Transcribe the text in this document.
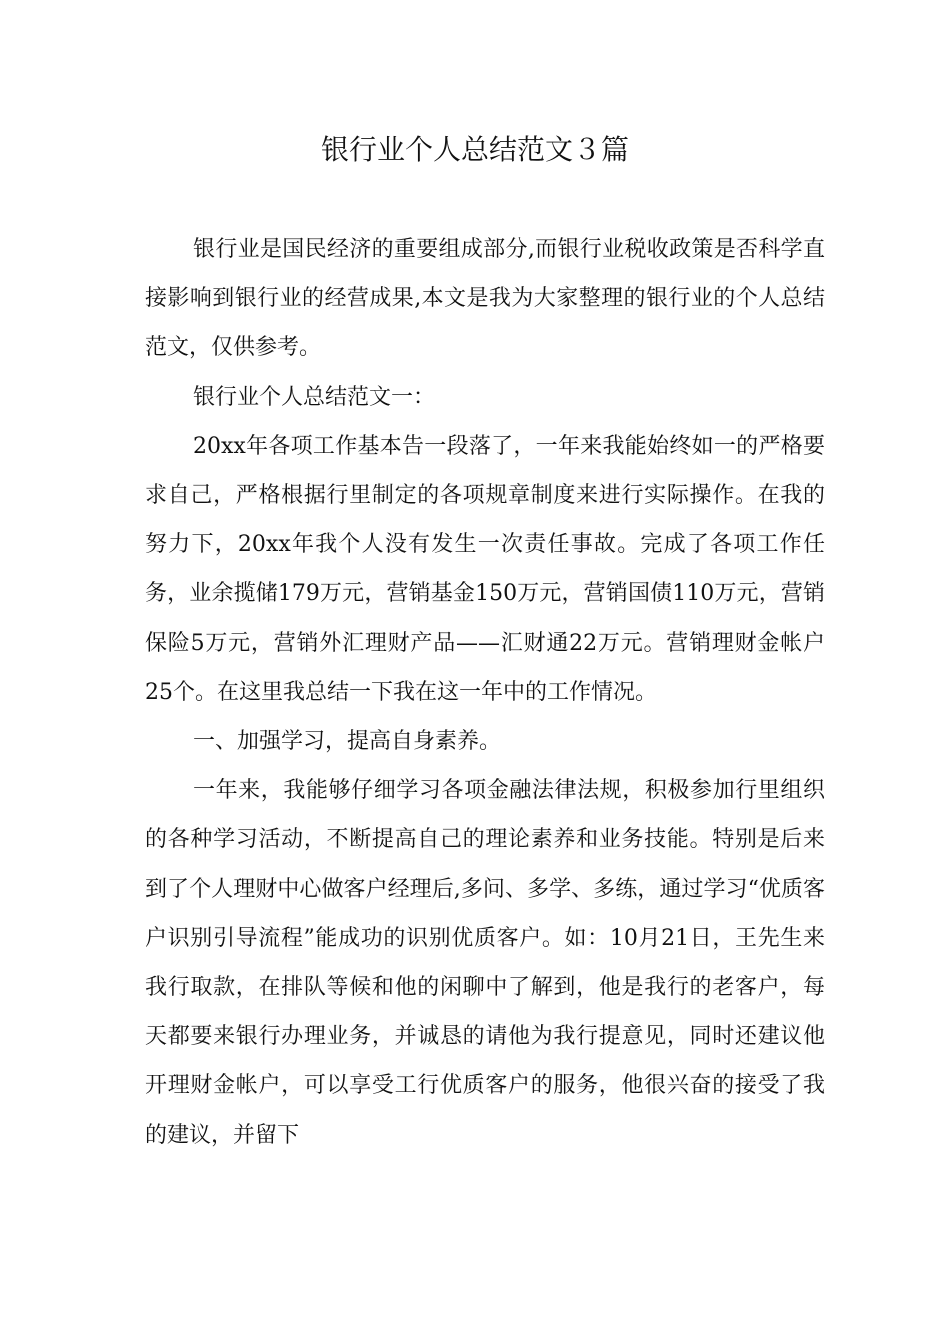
银行业个人总结范文３篇

银行业是国民经济的重要组成部分,而银行业税收政策是否科学直接影响到银行业的经营成果,本文是我为大家整理的银行业的个人总结范文，仅供参考。

银行业个人总结范文一：

20xx年各项工作基本告一段落了，一年来我能始终如一的严格要求自己，严格根据行里制定的各项规章制度来进行实际操作。在我的努力下，20xx年我个人没有发生一次责任事故。完成了各项工作任务，业余揽储179万元，营销基金150万元，营销国债110万元，营销保险5万元，营销外汇理财产品——汇财通22万元。营销理财金帐户25个。在这里我总结一下我在这一年中的工作情况。

一、加强学习，提高自身素养。

一年来，我能够仔细学习各项金融法律法规，积极参加行里组织的各种学习活动，不断提高自己的理论素养和业务技能。特别是后来到了个人理财中心做客户经理后,多问、多学、多练，通过学习“优质客户识别引导流程”能成功的识别优质客户。如：10月21日，王先生来我行取款，在排队等候和他的闲聊中了解到，他是我行的老客户，每天都要来银行办理业务，并诚恳的请他为我行提意见，同时还建议他开理财金帐户，可以享受工行优质客户的服务，他很兴奋的接受了我的建议，并留下
